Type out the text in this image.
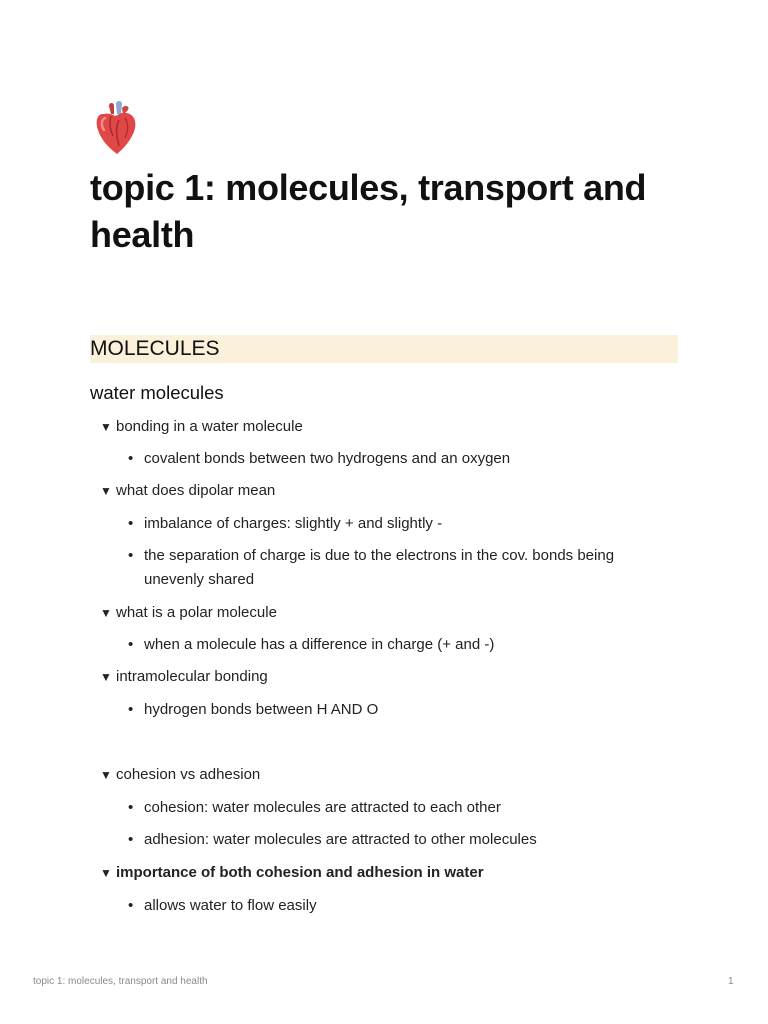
topic 1: molecules, transport and health
MOLECULES
water molecules
▼ bonding in a water molecule
• covalent bonds between two hydrogens and an oxygen
▼ what does dipolar mean
• imbalance of charges: slightly + and slightly -
• the separation of charge is due to the electrons in the cov. bonds being unevenly shared
▼ what is a polar molecule
• when a molecule has a difference in charge (+ and -)
▼ intramolecular bonding
• hydrogen bonds between H AND O
▼ cohesion vs adhesion
• cohesion: water molecules are attracted to each other
• adhesion: water molecules are attracted to other molecules
▼ importance of both cohesion and adhesion in water
• allows water to flow easily
topic 1: molecules, transport and health	1
